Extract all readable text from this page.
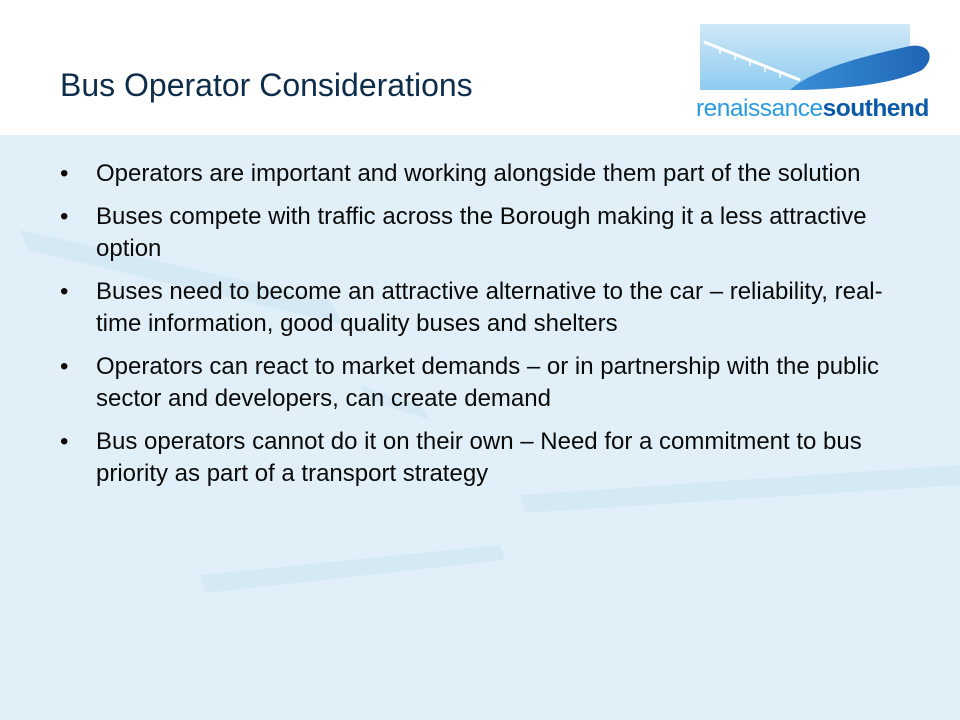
Bus Operator Considerations
renaissancesouthend
•	Operators are important and working alongside them part of the solution
•	Buses compete with traffic across the Borough making it a less attractive option
•	Buses need to become an attractive alternative to the car – reliability, real-time information, good quality buses and shelters
•	Operators can react to market demands – or in partnership with the public sector and developers, can create demand
•	Bus operators cannot do it on their own – Need for a commitment to bus priority as part of a transport strategy
